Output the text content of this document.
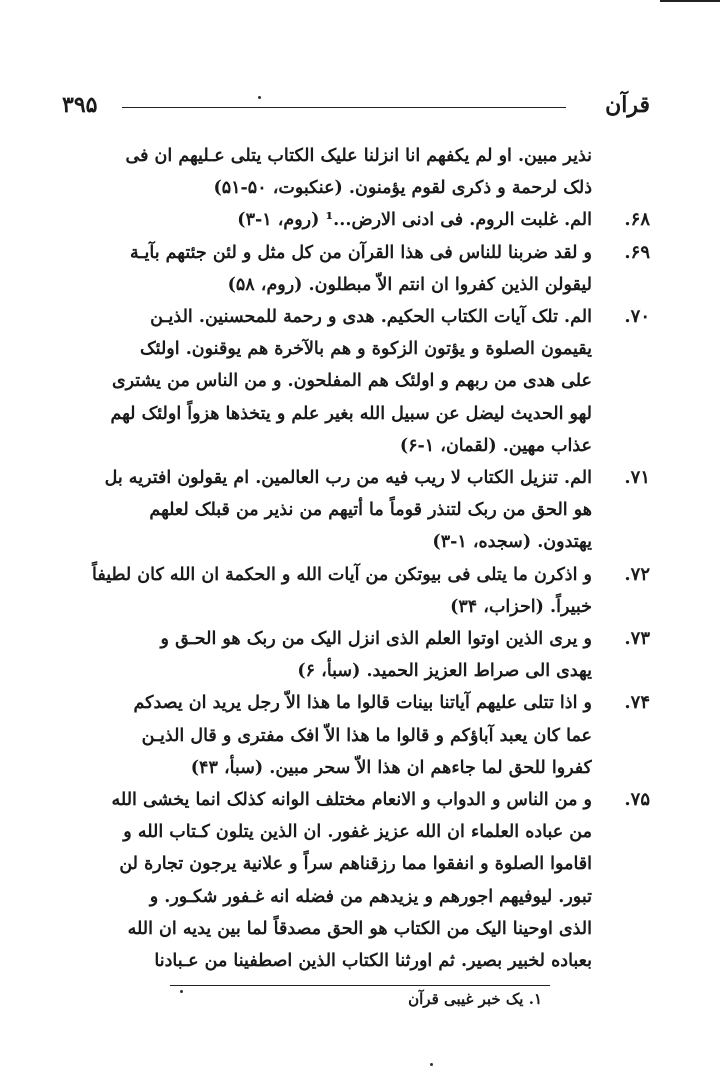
۳۹۵	قرآن
نذیر مبین. او لم یکفهم انا انزلنا علیک الکتاب یتلی عـلیهم ان فی
ذلک لرحمة و ذکری لقوم یؤمنون. (عنکبوت، ۵۰-۵۱)
۶۸.
الم. غلبت الروم. فی ادنی الارض...¹ (روم، ۱-۳)
۶۹.
و لقد ضربنا للناس فی هذا القرآن من کل مثل و لئن جئتهم بآیـة
لیقولن الذین کفروا ان انتم الاّ مبطلون. (روم، ۵۸)
۷۰.
الم. تلک آیات الکتاب الحکیم. هدی و رحمة للمحسنین. الذیـن
یقیمون الصلوة و یؤتون الزکوة و هم بالآخرة هم یوقنون. اولئک
علی هدی من ربهم و اولئک هم المفلحون. و من الناس من یشتری
لهو الحدیث لیضل عن سبیل الله بغیر علم و یتخذها هزواً اولئک لهم
عذاب مهین. (لقمان، ۱-۶)
۷۱.
الم. تنزیل الکتاب لا ریب فیه من رب العالمین. ام یقولون افتریه بل
هو الحق من ربک لتنذر قوماً ما أتیهم من نذیر من قبلک لعلهم
یهتدون. (سجده، ۱-۳)
۷۲.
و اذکرن ما یتلی فی بیوتکن من آیات الله و الحکمة ان الله کان لطیفاً
خبیراً. (احزاب، ۳۴)
۷۳.
و یری الذین اوتوا العلم الذی انزل الیک من ربک هو الحـق و
یهدی الی صراط العزیز الحمید. (سبأ، ۶)
۷۴.
و اذا تتلی علیهم آیاتنا بینات قالوا ما هذا الاّ رجل یرید ان یصدکم
عما کان یعبد آباؤکم و قالوا ما هذا الاّ افک مفتری و قال الذیـن
کفروا للحق لما جاءهم ان هذا الاّ سحر مبین. (سبأ، ۴۳)
۷۵.
و من الناس و الدواب و الانعام مختلف الوانه کذلک انما یخشی الله
من عباده العلماء ان الله عزیز غفور. ان الذین یتلون کـتاب الله و
اقاموا الصلوة و انفقوا مما رزقناهم سراً و علانیة یرجون تجارة لن
تبور. لیوفیهم اجورهم و یزیدهم من فضله انه غـفور شکـور. و
الذی اوحینا الیک من الکتاب هو الحق مصدقاً لما بین یدیه ان الله
بعباده لخبیر بصیر. ثم اورثنا الکتاب الذین اصطفینا من عـبادنا
۱. یک خبر غیبی قرآن
